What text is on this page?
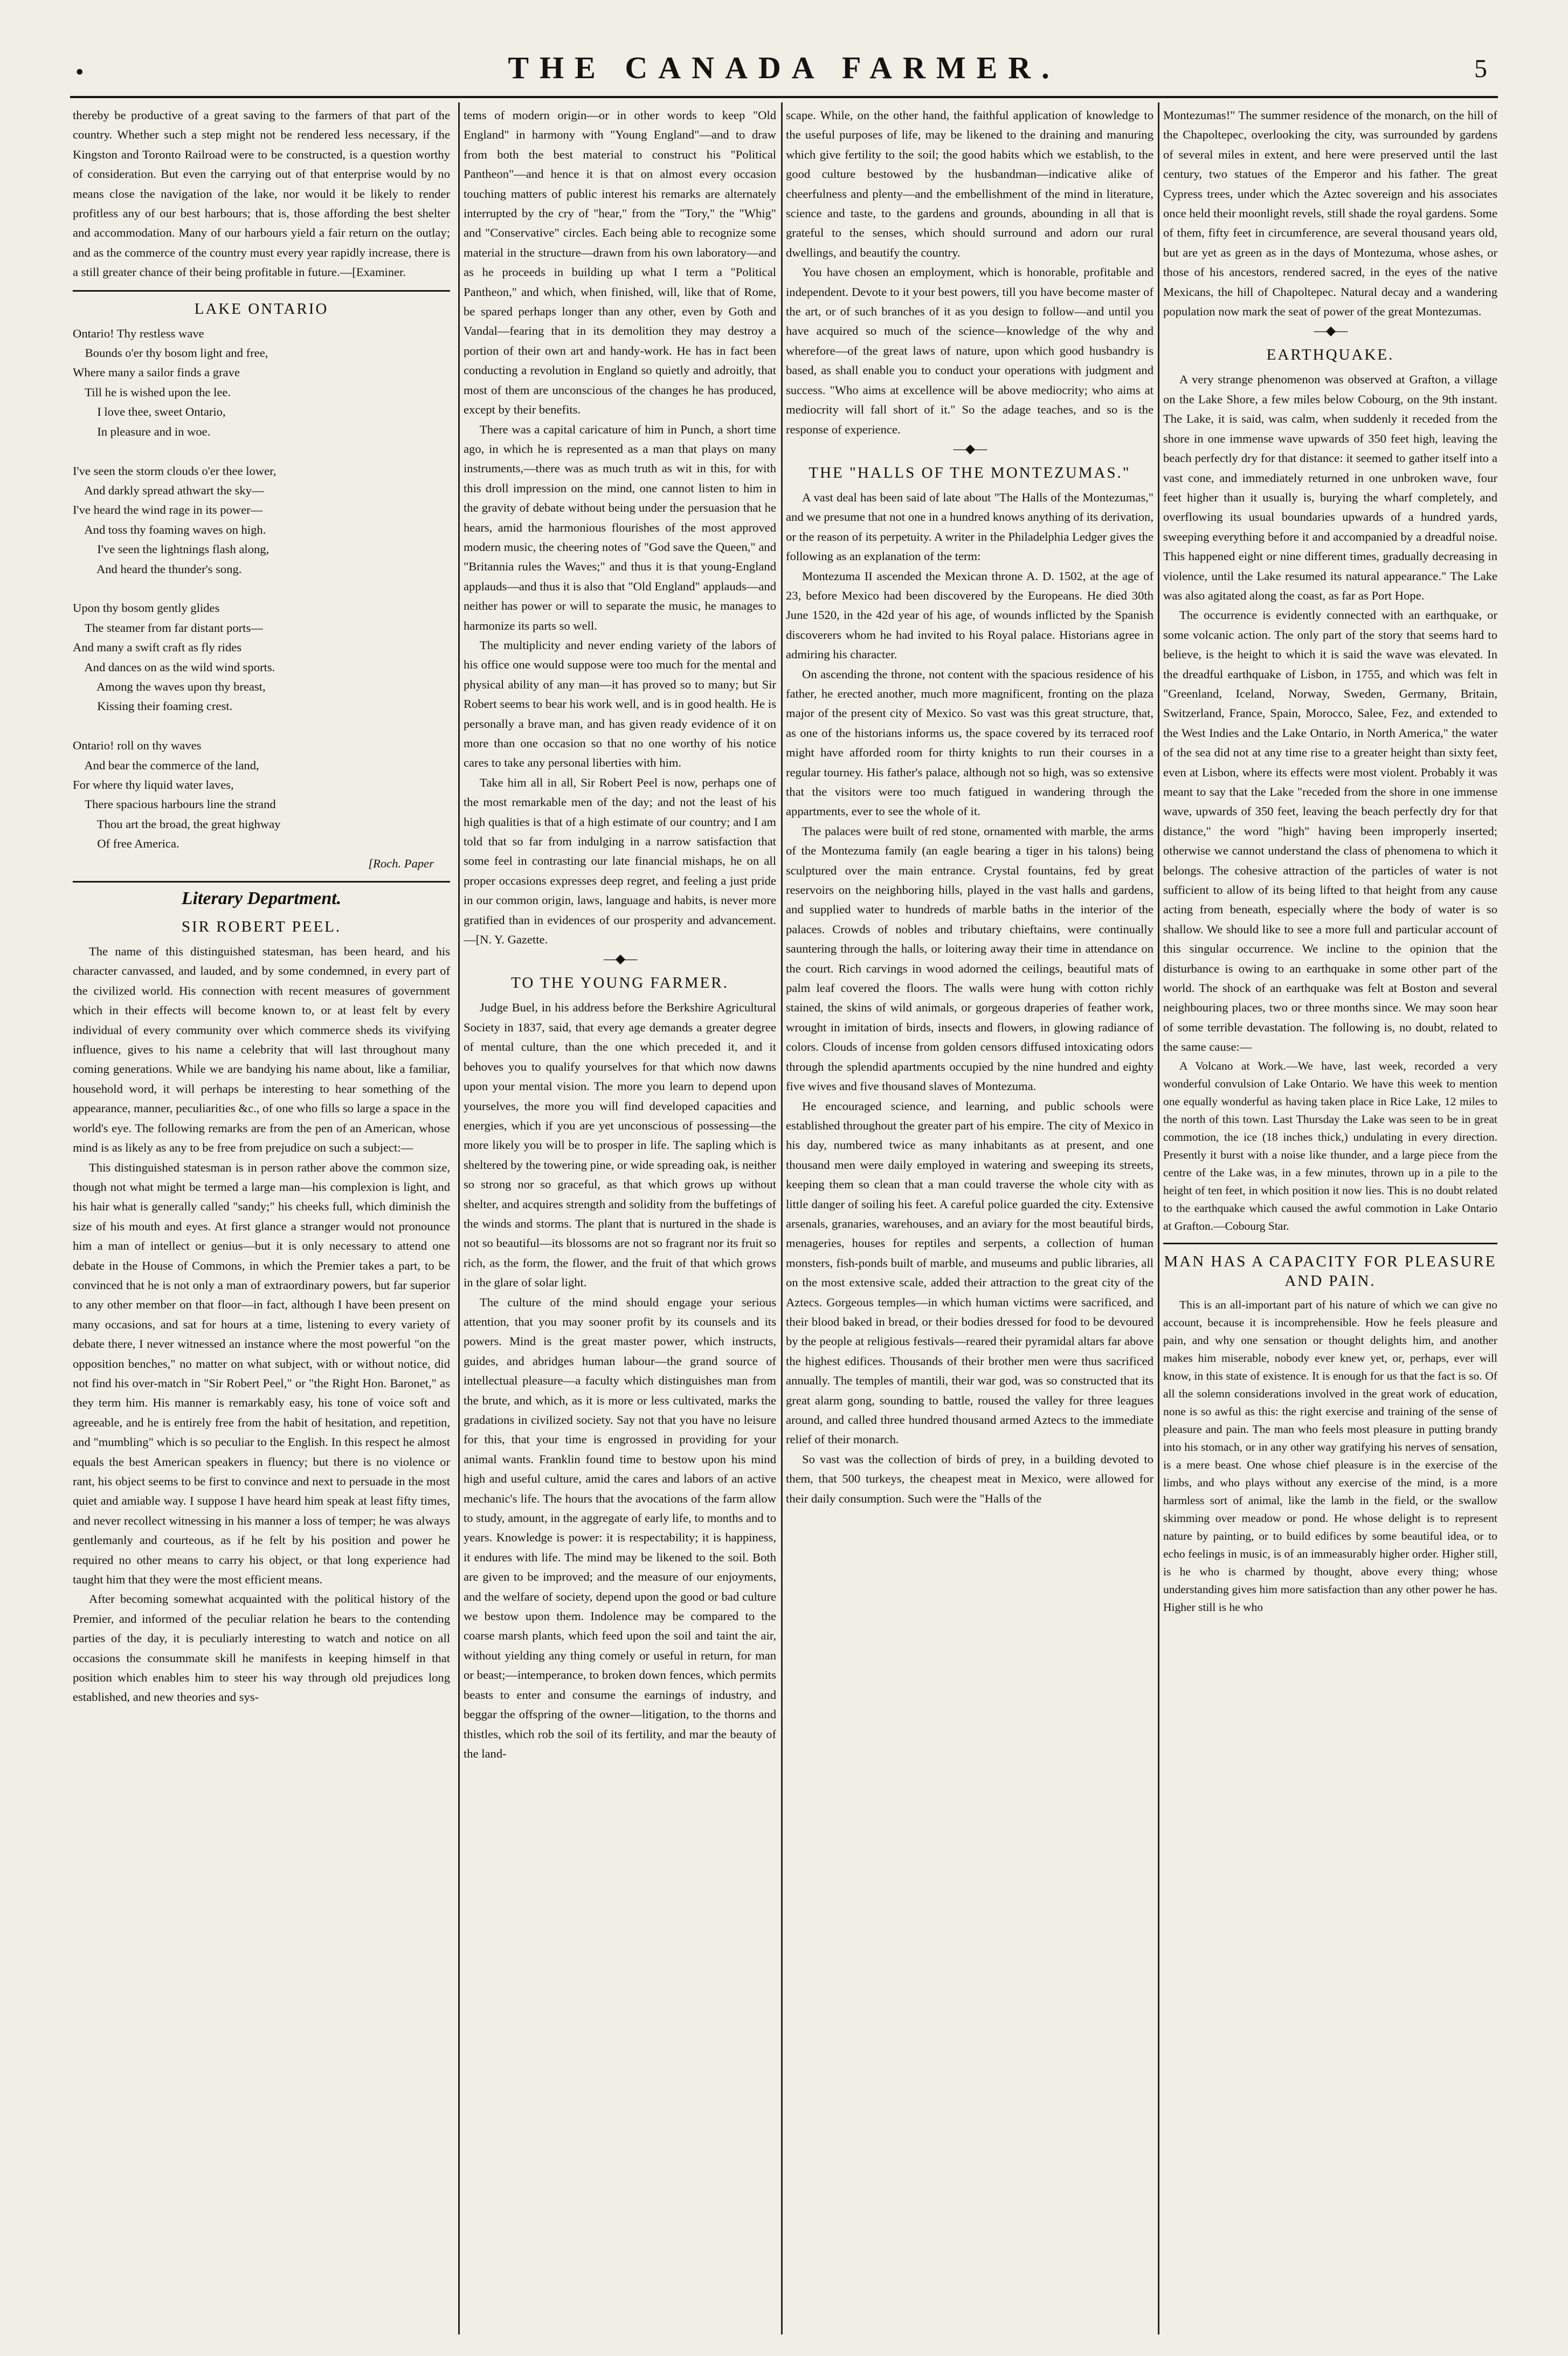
•	THE CANADA FARMER.	5

thereby be productive of a great saving to the farmers of that part of the country. Whether such a step might not be rendered less necessary, if the Kingston and Toronto Railroad were to be constructed, is a question worthy of consideration. But even the carrying out of that enterprise would by no means close the navigation of the lake, nor would it be likely to render profitless any of our best harbours; that is, those affording the best shelter and accommodation. Many of our harbours yield a fair return on the outlay; and as the commerce of the country must every year rapidly increase, there is a still greater chance of their being profitable in future.—[Examiner.

LAKE ONTARIO
Ontario! Thy restless wave
Bounds o'er thy bosom light and free,
Where many a sailor finds a grave
Till he is wished upon the lee.
I love thee, sweet Ontario,
In pleasure and in woe.

I've seen the storm clouds o'er thee lower,
And darkly spread athwart the sky—
I've heard the wind rage in its power—
And toss thy foaming waves on high.
I've seen the lightnings flash along,
And heard the thunder's song.

Upon thy bosom gently glides
The steamer from far distant ports—
And many a swift craft as fly rides
And dances on as the wild wind sports.
Among the waves upon thy breast,
Kissing their foaming crest.

Ontario! roll on thy waves
And bear the commerce of the land,
For where thy liquid water laves,
There spacious harbours line the strand
Thou art the broad, the great highway
Of free America.
[Roch. Paper
Literary Department.
SIR ROBERT PEEL.

The name of this distinguished statesman, has been heard, and his character canvassed, and lauded, and by some condemned, in every part of the civilized world. His connection with recent measures of government which in their effects will become known to, or at least felt by every individual of every community over which commerce sheds its vivifying influence, gives to his name a celebrity that will last throughout many coming generations. While we are bandying his name about, like a familiar, household word, it will perhaps be interesting to hear something of the appearance, manner, peculiarities &c., of one who fills so large a space in the world's eye. The following remarks are from the pen of an American, whose mind is as likely as any to be free from prejudice on such a subject:—

This distinguished statesman is in person rather above the common size, though not what might be termed a large man—his complexion is light, and his hair what is generally called "sandy;" his cheeks full, which diminish the size of his mouth and eyes. At first glance a stranger would not pronounce him a man of intellect or genius—but it is only necessary to attend one debate in the House of Commons, in which the Premier takes a part, to be convinced that he is not only a man of extraordinary powers, but far superior to any other member on that floor—in fact, although I have been present on many occasions, and sat for hours at a time, listening to every variety of debate there, I never witnessed an instance where the most powerful "on the opposition benches," no matter on what subject, with or without notice, did not find his over-match in "Sir Robert Peel," or "the Right Hon. Baronet," as they term him. His manner is remarkably easy, his tone of voice soft and agreeable, and he is entirely free from the habit of hesitation, and repetition, and "mumbling" which is so peculiar to the English. In this respect he almost equals the best American speakers in fluency; but there is no violence or rant, his object seems to be first to convince and next to persuade in the most quiet and amiable way. I suppose I have heard him speak at least fifty times, and never recollect witnessing in his manner a loss of temper; he was always gentlemanly and courteous, as if he felt by his position and power he required no other means to carry his object, or that long experience had taught him that they were the most efficient means.

After becoming somewhat acquainted with the political history of the Premier, and informed of the peculiar relation he bears to the contending parties of the day, it is peculiarly interesting to watch and notice on all occasions the consummate skill he manifests in keeping himself in that position which enables him to steer his way through old prejudices long established, and new theories and sys-

tems of modern origin—or in other words to keep "Old England" in harmony with "Young England"—and to draw from both the best material to construct his "Political Pantheon"—and hence it is that on almost every occasion touching matters of public interest his remarks are alternately interrupted by the cry of "hear," from the "Tory," the "Whig" and "Conservative" circles. Each being able to recognize some material in the structure—drawn from his own laboratory—and as he proceeds in building up what I term a "Political Pantheon," and which, when finished, will, like that of Rome, be spared perhaps longer than any other, even by Goth and Vandal—fearing that in its demolition they may destroy a portion of their own art and handy-work. He has in fact been conducting a revolution in England so quietly and adroitly, that most of them are unconscious of the changes he has produced, except by their benefits.

There was a capital caricature of him in Punch, a short time ago, in which he is represented as a man that plays on many instruments,—there was as much truth as wit in this, for with this droll impression on the mind, one cannot listen to him in the gravity of debate without being under the persuasion that he hears, amid the harmonious flourishes of the most approved modern music, the cheering notes of "God save the Queen," and "Britannia rules the Waves;" and thus it is that young-England applauds—and thus it is also that "Old England" applauds—and neither has power or will to separate the music, he manages to harmonize its parts so well.

The multiplicity and never ending variety of the labors of his office one would suppose were too much for the mental and physical ability of any man—it has proved so to many; but Sir Robert seems to bear his work well, and is in good health. He is personally a brave man, and has given ready evidence of it on more than one occasion so that no one worthy of his notice cares to take any personal liberties with him.

Take him all in all, Sir Robert Peel is now, perhaps one of the most remarkable men of the day; and not the least of his high qualities is that of a high estimate of our country; and I am told that so far from indulging in a narrow satisfaction that some feel in contrasting our late financial mishaps, he on all proper occasions expresses deep regret, and feeling a just pride in our common origin, laws, language and habits, is never more gratified than in evidences of our prosperity and advancement.—[N. Y. Gazette.

—◆—
TO THE YOUNG FARMER.

Judge Buel, in his address before the Berkshire Agricultural Society in 1837, said, that every age demands a greater degree of mental culture, than the one which preceded it, and it behoves you to qualify yourselves for that which now dawns upon your mental vision. The more you learn to depend upon yourselves, the more you will find developed capacities and energies, which if you are yet unconscious of possessing—the more likely you will be to prosper in life. The sapling which is sheltered by the towering pine, or wide spreading oak, is neither so strong nor so graceful, as that which grows up without shelter, and acquires strength and solidity from the buffetings of the winds and storms. The plant that is nurtured in the shade is not so beautiful—its blossoms are not so fragrant nor its fruit so rich, as the form, the flower, and the fruit of that which grows in the glare of solar light.

The culture of the mind should engage your serious attention, that you may sooner profit by its counsels and its powers. Mind is the great master power, which instructs, guides, and abridges human labour—the grand source of intellectual pleasure—a faculty which distinguishes man from the brute, and which, as it is more or less cultivated, marks the gradations in civilized society. Say not that you have no leisure for this, that your time is engrossed in providing for your animal wants. Franklin found time to bestow upon his mind high and useful culture, amid the cares and labors of an active mechanic's life. The hours that the avocations of the farm allow to study, amount, in the aggregate of early life, to months and to years. Knowledge is power: it is respectability; it is happiness, it endures with life. The mind may be likened to the soil. Both are given to be improved; and the measure of our enjoyments, and the welfare of society, depend upon the good or bad culture we bestow upon them. Indolence may be compared to the coarse marsh plants, which feed upon the soil and taint the air, without yielding any thing comely or useful in return, for man or beast;—intemperance, to broken down fences, which permits beasts to enter and consume the earnings of industry, and beggar the offspring of the owner—litigation, to the thorns and thistles, which rob the soil of its fertility, and mar the beauty of the land-

scape. While, on the other hand, the faithful application of knowledge to the useful purposes of life, may be likened to the draining and manuring which give fertility to the soil; the good habits which we establish, to the good culture bestowed by the husbandman—indicative alike of cheerfulness and plenty—and the embellishment of the mind in literature, science and taste, to the gardens and grounds, abounding in all that is grateful to the senses, which should surround and adorn our rural dwellings, and beautify the country.

You have chosen an employment, which is honorable, profitable and independent. Devote to it your best powers, till you have become master of the art, or of such branches of it as you design to follow—and until you have acquired so much of the science—knowledge of the why and wherefore—of the great laws of nature, upon which good husbandry is based, as shall enable you to conduct your operations with judgment and success. "Who aims at excellence will be above mediocrity; who aims at mediocrity will fall short of it." So the adage teaches, and so is the response of experience.

—◆—
THE "HALLS OF THE MONTEZUMAS."

A vast deal has been said of late about "The Halls of the Montezumas," and we presume that not one in a hundred knows anything of its derivation, or the reason of its perpetuity. A writer in the Philadelphia Ledger gives the following as an explanation of the term:

Montezuma II ascended the Mexican throne A. D. 1502, at the age of 23, before Mexico had been discovered by the Europeans. He died 30th June 1520, in the 42d year of his age, of wounds inflicted by the Spanish discoverers whom he had invited to his Royal palace. Historians agree in admiring his character.

On ascending the throne, not content with the spacious residence of his father, he erected another, much more magnificent, fronting on the plaza major of the present city of Mexico. So vast was this great structure, that, as one of the historians informs us, the space covered by its terraced roof might have afforded room for thirty knights to run their courses in a regular tourney. His father's palace, although not so high, was so extensive that the visitors were too much fatigued in wandering through the appartments, ever to see the whole of it.

The palaces were built of red stone, ornamented with marble, the arms of the Montezuma family (an eagle bearing a tiger in his talons) being sculptured over the main entrance. Crystal fountains, fed by great reservoirs on the neighboring hills, played in the vast halls and gardens, and supplied water to hundreds of marble baths in the interior of the palaces. Crowds of nobles and tributary chieftains, were continually sauntering through the halls, or loitering away their time in attendance on the court. Rich carvings in wood adorned the ceilings, beautiful mats of palm leaf covered the floors. The walls were hung with cotton richly stained, the skins of wild animals, or gorgeous draperies of feather work, wrought in imitation of birds, insects and flowers, in glowing radiance of colors. Clouds of incense from golden censors diffused intoxicating odors through the splendid apartments occupied by the nine hundred and eighty five wives and five thousand slaves of Montezuma.

He encouraged science, and learning, and public schools were established throughout the greater part of his empire. The city of Mexico in his day, numbered twice as many inhabitants as at present, and one thousand men were daily employed in watering and sweeping its streets, keeping them so clean that a man could traverse the whole city with as little danger of soiling his feet. A careful police guarded the city. Extensive arsenals, granaries, warehouses, and an aviary for the most beautiful birds, menageries, houses for reptiles and serpents, a collection of human monsters, fish-ponds built of marble, and museums and public libraries, all on the most extensive scale, added their attraction to the great city of the Aztecs. Gorgeous temples—in which human victims were sacrificed, and their blood baked in bread, or their bodies dressed for food to be devoured by the people at religious festivals—reared their pyramidal altars far above the highest edifices. Thousands of their brother men were thus sacrificed annually. The temples of mantili, their war god, was so constructed that its great alarm gong, sounding to battle, roused the valley for three leagues around, and called three hundred thousand armed Aztecs to the immediate relief of their monarch.

So vast was the collection of birds of prey, in a building devoted to them, that 500 turkeys, the cheapest meat in Mexico, were allowed for their daily consumption. Such were the "Halls of the

Montezumas!" The summer residence of the monarch, on the hill of the Chapoltepec, overlooking the city, was surrounded by gardens of several miles in extent, and here were preserved until the last century, two statues of the Emperor and his father. The great Cypress trees, under which the Aztec sovereign and his associates once held their moonlight revels, still shade the royal gardens. Some of them, fifty feet in circumference, are several thousand years old, but are yet as green as in the days of Montezuma, whose ashes, or those of his ancestors, rendered sacred, in the eyes of the native Mexicans, the hill of Chapoltepec. Natural decay and a wandering population now mark the seat of power of the great Montezumas.

—◆—
EARTHQUAKE.

A very strange phenomenon was observed at Grafton, a village on the Lake Shore, a few miles below Cobourg, on the 9th instant. The Lake, it is said, was calm, when suddenly it receded from the shore in one immense wave upwards of 350 feet high, leaving the beach perfectly dry for that distance: it seemed to gather itself into a vast cone, and immediately returned in one unbroken wave, four feet higher than it usually is, burying the wharf completely, and overflowing its usual boundaries upwards of a hundred yards, sweeping everything before it and accompanied by a dreadful noise. This happened eight or nine different times, gradually decreasing in violence, until the Lake resumed its natural appearance." The Lake was also agitated along the coast, as far as Port Hope.

The occurrence is evidently connected with an earthquake, or some volcanic action. The only part of the story that seems hard to believe, is the height to which it is said the wave was elevated. In the dreadful earthquake of Lisbon, in 1755, and which was felt in "Greenland, Iceland, Norway, Sweden, Germany, Britain, Switzerland, France, Spain, Morocco, Salee, Fez, and extended to the West Indies and the Lake Ontario, in North America," the water of the sea did not at any time rise to a greater height than sixty feet, even at Lisbon, where its effects were most violent. Probably it was meant to say that the Lake "receded from the shore in one immense wave, upwards of 350 feet, leaving the beach perfectly dry for that distance," the word "high" having been improperly inserted; otherwise we cannot understand the class of phenomena to which it belongs. The cohesive attraction of the particles of water is not sufficient to allow of its being lifted to that height from any cause acting from beneath, especially where the body of water is so shallow. We should like to see a more full and particular account of this singular occurrence. We incline to the opinion that the disturbance is owing to an earthquake in some other part of the world. The shock of an earthquake was felt at Boston and several neighbouring places, two or three months since. We may soon hear of some terrible devastation. The following is, no doubt, related to the same cause:—

A Volcano at Work.—We have, last week, recorded a very wonderful convulsion of Lake Ontario. We have this week to mention one equally wonderful as having taken place in Rice Lake, 12 miles to the north of this town. Last Thursday the Lake was seen to be in great commotion, the ice (18 inches thick,) undulating in every direction. Presently it burst with a noise like thunder, and a large piece from the centre of the Lake was, in a few minutes, thrown up in a pile to the height of ten feet, in which position it now lies. This is no doubt related to the earthquake which caused the awful commotion in Lake Ontario at Grafton.—Cobourg Star.

MAN HAS A CAPACITY FOR PLEASURE AND PAIN.

This is an all-important part of his nature of which we can give no account, because it is incomprehensible. How he feels pleasure and pain, and why one sensation or thought delights him, and another makes him miserable, nobody ever knew yet, or, perhaps, ever will know, in this state of existence. It is enough for us that the fact is so. Of all the solemn considerations involved in the great work of education, none is so awful as this: the right exercise and training of the sense of pleasure and pain. The man who feels most pleasure in putting brandy into his stomach, or in any other way gratifying his nerves of sensation, is a mere beast. One whose chief pleasure is in the exercise of the limbs, and who plays without any exercise of the mind, is a more harmless sort of animal, like the lamb in the field, or the swallow skimming over meadow or pond. He whose delight is to represent nature by painting, or to build edifices by some beautiful idea, or to echo feelings in music, is of an immeasurably higher order. Higher still, is he who is charmed by thought, above every thing; whose understanding gives him more satisfaction than any other power he has. Higher still is he who
